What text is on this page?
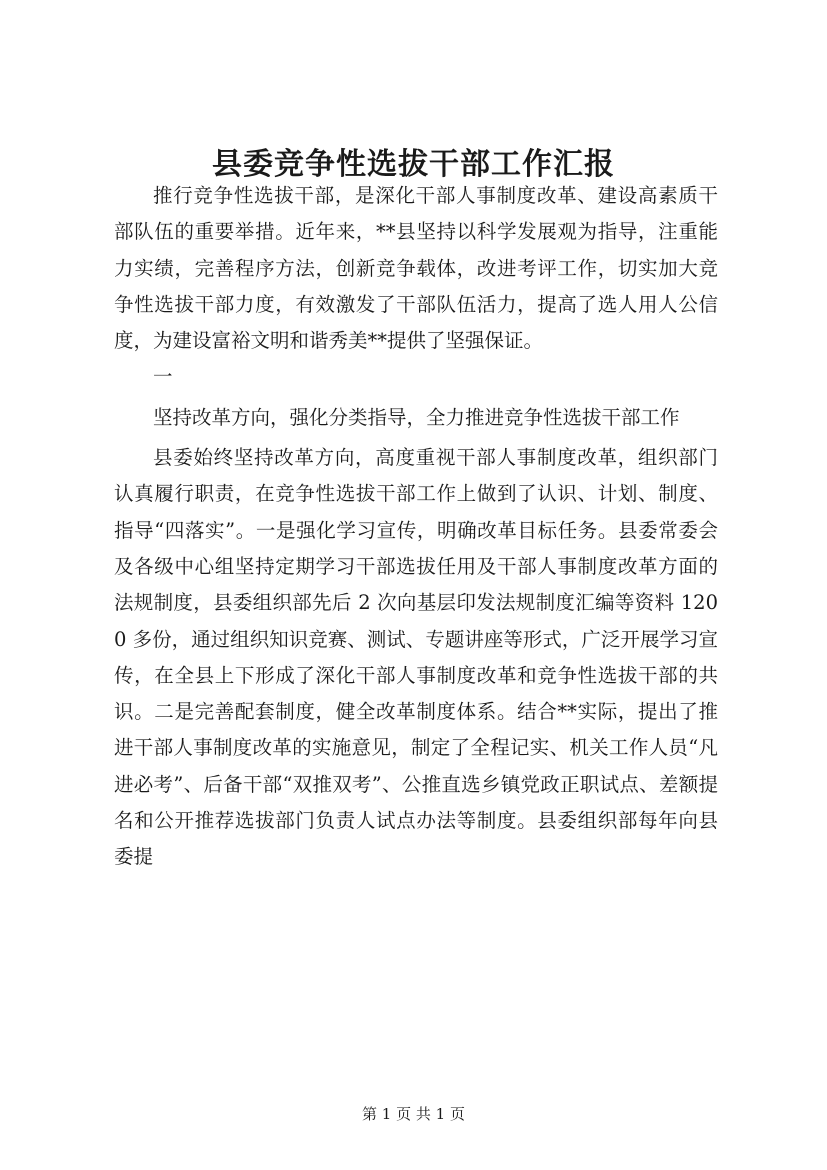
县委竞争性选拔干部工作汇报

推行竞争性选拔干部，是深化干部人事制度改革、建设高素质干部队伍的重要举措。近年来，**县坚持以科学发展观为指导，注重能力实绩，完善程序方法，创新竞争载体，改进考评工作，切实加大竞争性选拔干部力度，有效激发了干部队伍活力，提高了选人用人公信度，为建设富裕文明和谐秀美**提供了坚强保证。

一

坚持改革方向，强化分类指导，全力推进竞争性选拔干部工作

县委始终坚持改革方向，高度重视干部人事制度改革，组织部门认真履行职责，在竞争性选拔干部工作上做到了认识、计划、制度、指导“四落实”。一是强化学习宣传，明确改革目标任务。县委常委会及各级中心组坚持定期学习干部选拔任用及干部人事制度改革方面的法规制度，县委组织部先后 2 次向基层印发法规制度汇编等资料 1200 多份，通过组织知识竞赛、测试、专题讲座等形式，广泛开展学习宣传，在全县上下形成了深化干部人事制度改革和竞争性选拔干部的共识。二是完善配套制度，健全改革制度体系。结合**实际，提出了推进干部人事制度改革的实施意见，制定了全程记实、机关工作人员“凡进必考”、后备干部“双推双考”、公推直选乡镇党政正职试点、差额提名和公开推荐选拔部门负责人试点办法等制度。县委组织部每年向县委提

第 1 页 共 1 页
